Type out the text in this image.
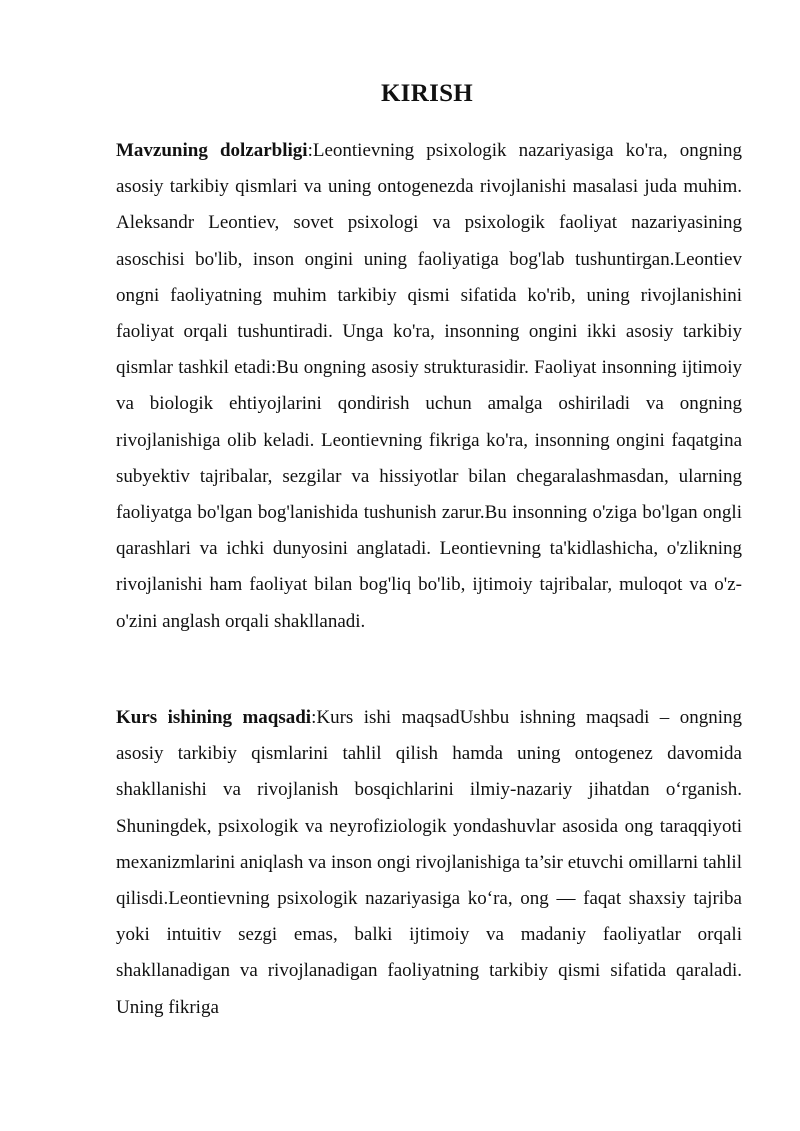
KIRISH

Mavzuning dolzarbligi:Leontievning psixologik nazariyasiga ko'ra, ongning asosiy tarkibiy qismlari va uning ontogenezda rivojlanishi masalasi juda muhim. Aleksandr Leontiev, sovet psixologi va psixologik faoliyat nazariyasining asoschisi bo'lib, inson ongini uning faoliyatiga bog'lab tushuntirgan.Leontiev ongni faoliyatning muhim tarkibiy qismi sifatida ko'rib, uning rivojlanishini faoliyat orqali tushuntiradi. Unga ko'ra, insonning ongini ikki asosiy tarkibiy qismlar tashkil etadi:Bu ongning asosiy strukturasidir. Faoliyat insonning ijtimoiy va biologik ehtiyojlarini qondirish uchun amalga oshiriladi va ongning rivojlanishiga olib keladi. Leontievning fikriga ko'ra, insonning ongini faqatgina subyektiv tajribalar, sezgilar va hissiyotlar bilan chegaralashmasdan, ularning faoliyatga bo'lgan bog'lanishida tushunish zarur.Bu insonning o'ziga bo'lgan ongli qarashlari va ichki dunyosini anglatadi. Leontievning ta'kidlashicha, o'zlikning rivojlanishi ham faoliyat bilan bog'liq bo'lib, ijtimoiy tajribalar, muloqot va o'z-o'zini anglash orqali shakllanadi.

Kurs ishining maqsadi:Kurs ishi maqsadUshbu ishning maqsadi – ongning asosiy tarkibiy qismlarini tahlil qilish hamda uning ontogenez davomida shakllanishi va rivojlanish bosqichlarini ilmiy-nazariy jihatdan o‘rganish. Shuningdek, psixologik va neyrofiziologik yondashuvlar asosida ong taraqqiyoti mexanizmlarini aniqlash va inson ongi rivojlanishiga ta’sir etuvchi omillarni tahlil qilisdi.Leontievning psixologik nazariyasiga ko‘ra, ong — faqat shaxsiy tajriba yoki intuitiv sezgi emas, balki ijtimoiy va madaniy faoliyatlar orqali shakllanadigan va rivojlanadigan faoliyatning tarkibiy qismi sifatida qaraladi. Uning fikriga
